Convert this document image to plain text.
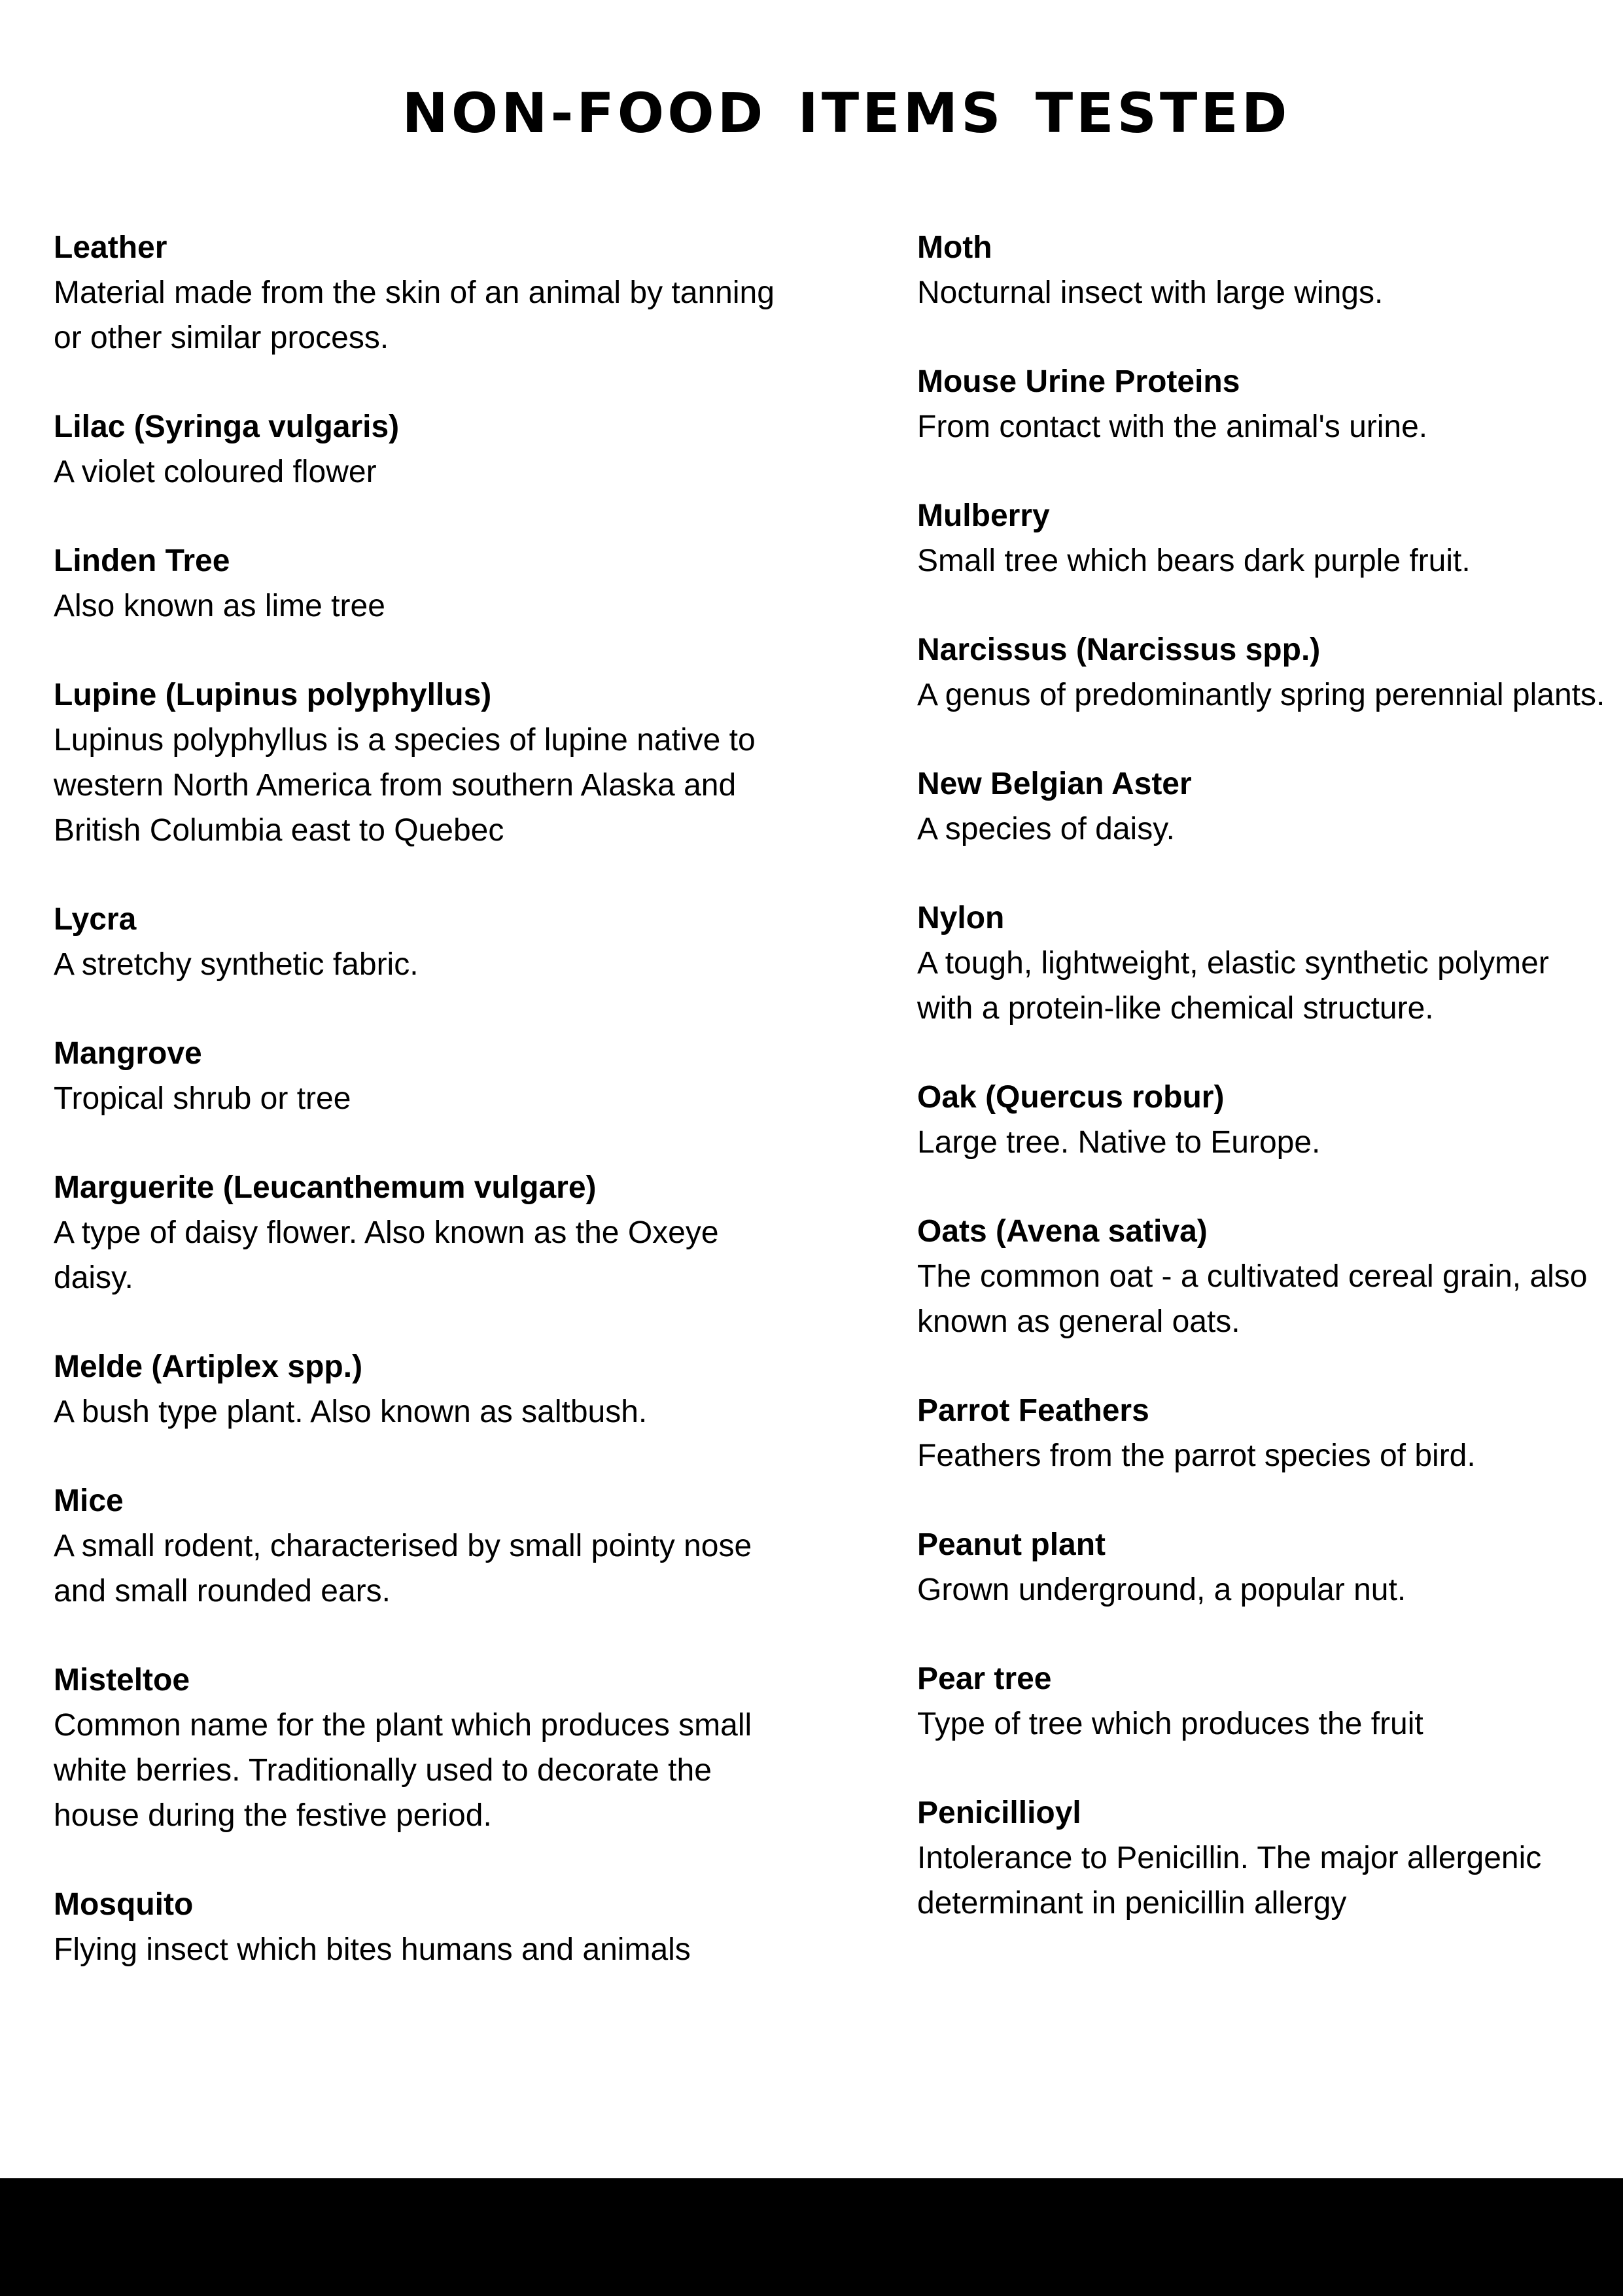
NON-FOOD ITEMS TESTED

Leather

Material made from the skin of an animal by tanning or other similar process.

Lilac (Syringa vulgaris)

A violet coloured flower

Linden Tree

Also known as lime tree

Lupine (Lupinus polyphyllus)

Lupinus polyphyllus is a species of lupine native to western North America from southern Alaska and British Columbia east to Quebec

Lycra

A stretchy synthetic fabric.

Mangrove

Tropical shrub or tree

Marguerite (Leucanthemum vulgare)

A type of daisy flower. Also known as the Oxeye daisy.

Melde (Artiplex spp.)

A bush type plant. Also known as saltbush.

Mice

A small rodent, characterised by small pointy nose and small rounded ears.

Misteltoe

Common name for the plant which produces small white berries. Traditionally used to decorate the house during the festive period.

Mosquito

Flying insect which bites humans and animals

Moth

Nocturnal insect with large wings.

Mouse Urine Proteins

From contact with the animal's urine.

Mulberry

Small tree which bears dark purple fruit.

Narcissus (Narcissus spp.)

A genus of predominantly spring perennial plants.

New Belgian Aster

A species of daisy.

Nylon

A tough, lightweight, elastic synthetic polymer with a protein-like chemical structure.

Oak (Quercus robur)

Large tree. Native to Europe.

Oats (Avena sativa)

The common oat - a cultivated cereal grain, also known as general oats.

Parrot Feathers

Feathers from the parrot species of bird.

Peanut plant

Grown underground, a popular nut.

Pear tree

Type of tree which produces the fruit

Penicillioyl

Intolerance to Penicillin. The major allergenic determinant in penicillin allergy
